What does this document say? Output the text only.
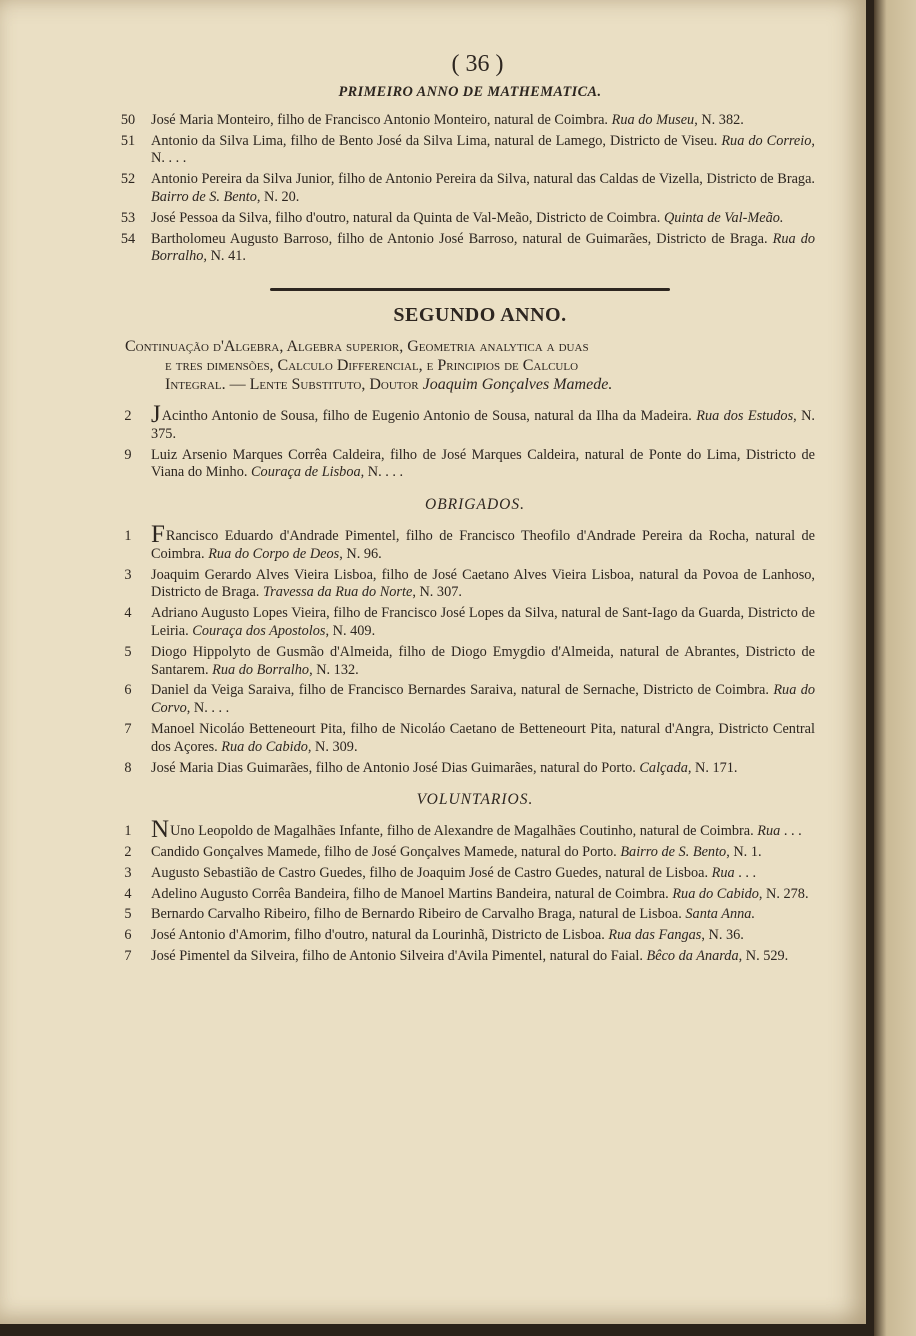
( 36 )
PRIMEIRO ANNO DE MATHEMATICA.
50	José Maria Monteiro, filho de Francisco Antonio Monteiro, natural de Coimbra. Rua do Museu, N. 382.
51	Antonio da Silva Lima, filho de Bento José da Silva Lima, natural de Lamego, Districto de Viseu. Rua do Correio, N. . . .
52	Antonio Pereira da Silva Junior, filho de Antonio Pereira da Silva, natural das Caldas de Vizella, Districto de Braga. Bairro de S. Bento, N. 20.
53	José Pessoa da Silva, filho d'outro, natural da Quinta de Val-Meão, Districto de Coimbra. Quinta de Val-Meão.
54	Bartholomeu Augusto Barroso, filho de Antonio José Barroso, natural de Guimarães, Districto de Braga. Rua do Borralho, N. 41.
SEGUNDO ANNO.
Continuação d'Algebra, Algebra superior, Geometria analytica a duas
e tres dimensões, Calculo Differencial, e Principios de Calculo
Integral. — Lente Substituto, Doutor Joaquim Gonçalves Mamede.
2 JAcintho Antonio de Sousa, filho de Eugenio Antonio de Sousa, natural da Ilha da Madeira. Rua dos Estudos, N. 375.
9	Luiz Arsenio Marques Corrêa Caldeira, filho de José Marques Caldeira, natural de Ponte do Lima, Districto de Viana do Minho. Couraça de Lisboa, N. . . .
OBRIGADOS.
1 FRancisco Eduardo d'Andrade Pimentel, filho de Francisco Theofilo d'Andrade Pereira da Rocha, natural de Coimbra. Rua do Corpo de Deos, N. 96.
3	Joaquim Gerardo Alves Vieira Lisboa, filho de José Caetano Alves Vieira Lisboa, natural da Povoa de Lanhoso, Districto de Braga. Travessa da Rua do Norte, N. 307.
4	Adriano Augusto Lopes Vieira, filho de Francisco José Lopes da Silva, natural de Sant-Iago da Guarda, Districto de Leiria. Couraça dos Apostolos, N. 409.
5	Diogo Hippolyto de Gusmão d'Almeida, filho de Diogo Emygdio d'Almeida, natural de Abrantes, Districto de Santarem. Rua do Borralho, N. 132.
6	Daniel da Veiga Saraiva, filho de Francisco Bernardes Saraiva, natural de Sernache, Districto de Coimbra. Rua do Corvo, N. . . .
7	Manoel Nicoláo Betteneourt Pita, filho de Nicoláo Caetano de Betteneourt Pita, natural d'Angra, Districto Central dos Açores. Rua do Cabido, N. 309.
8	José Maria Dias Guimarães, filho de Antonio José Dias Guimarães, natural do Porto. Calçada, N. 171.
VOLUNTARIOS.
1 NUno Leopoldo de Magalhães Infante, filho de Alexandre de Magalhães Coutinho, natural de Coimbra. Rua . . .
2	Candido Gonçalves Mamede, filho de José Gonçalves Mamede, natural do Porto. Bairro de S. Bento, N. 1.
3	Augusto Sebastião de Castro Guedes, filho de Joaquim José de Castro Guedes, natural de Lisboa. Rua . . .
4	Adelino Augusto Corrêa Bandeira, filho de Manoel Martins Bandeira, natural de Coimbra. Rua do Cabido, N. 278.
5	Bernardo Carvalho Ribeiro, filho de Bernardo Ribeiro de Carvalho Braga, natural de Lisboa. Santa Anna.
6	José Antonio d'Amorim, filho d'outro, natural da Lourinhã, Districto de Lisboa. Rua das Fangas, N. 36.
7	José Pimentel da Silveira, filho de Antonio Silveira d'Avila Pimentel, natural do Faial. Bêco da Anarda, N. 529.
